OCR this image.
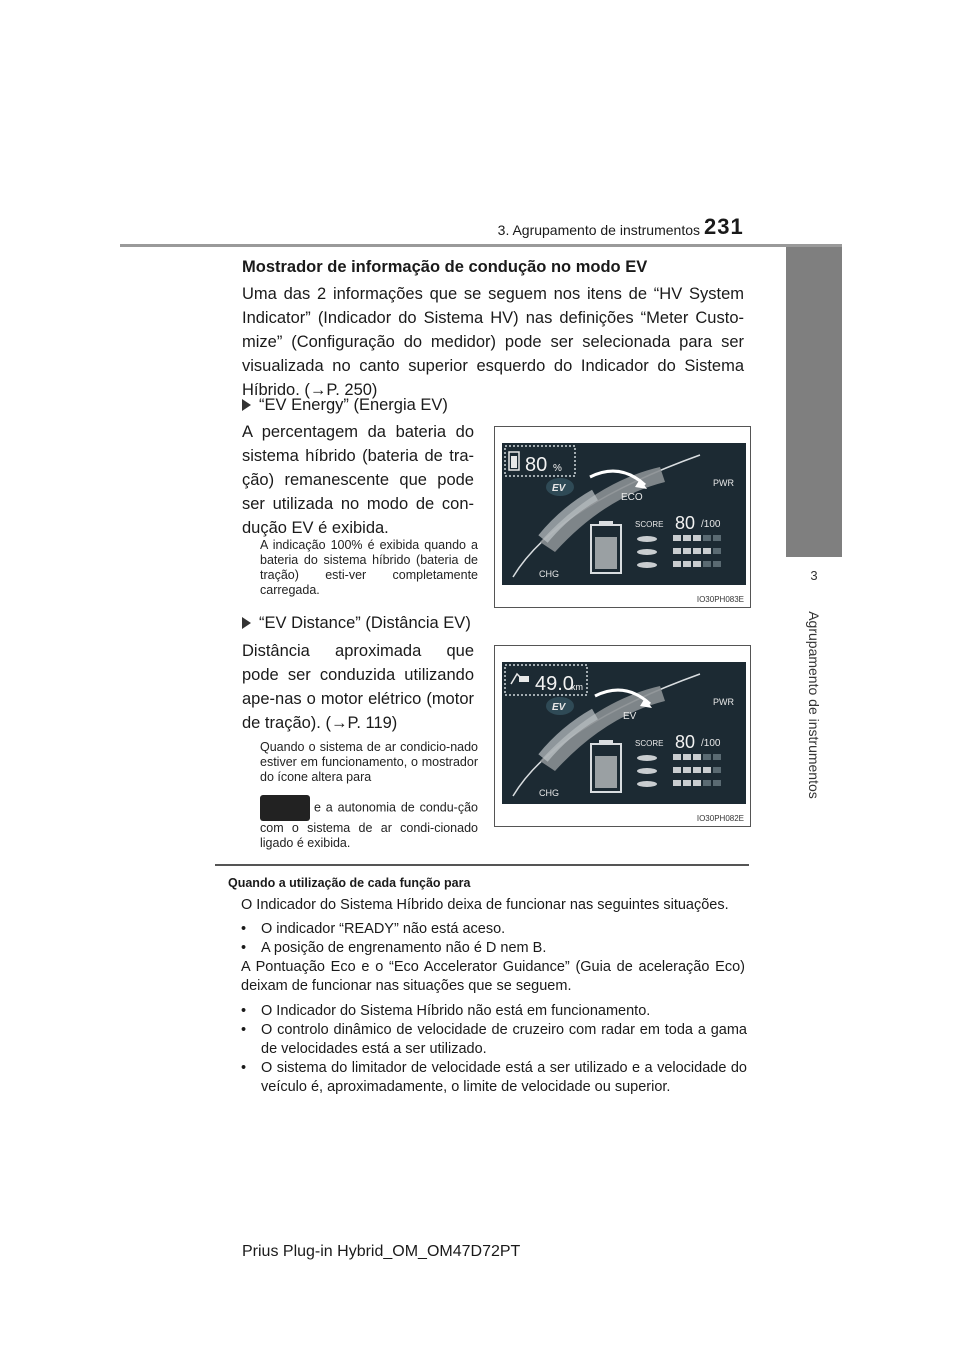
3. Agrupamento de instrumentos 231
3
Agrupamento de instrumentos
Mostrador de informação de condução no modo EV
Uma das 2 informações que se seguem nos itens de “HV System Indicator” (Indicador do Sistema HV) nas definições “Meter Custo-mize” (Configuração do medidor) pode ser selecionada para ser visualizada no canto superior esquerdo do Indicador do Sistema Híbrido. (→P. 250)
“EV Energy” (Energia EV)
A percentagem da bateria do sistema híbrido (bateria de tra-ção) remanescente que pode ser utilizada no modo de con-dução EV é exibida.
A indicação 100% é exibida quando a bateria do sistema híbrido (bateria de tração) esti-ver completamente carregada.
80 %
EV
ECO
PWR
CHG
SCORE 80 /100
IO30PH083E
“EV Distance” (Distância EV)
Distância aproximada que pode ser conduzida utilizando ape-nas o motor elétrico (motor de tração). (→P. 119)
Quando o sistema de ar condicio-nado estiver em funcionamento, o mostrador do ícone altera para
e a autonomia de condu-ção com o sistema de ar condi-cionado ligado é exibida.
49.0
km
EV
EV
PWR
CHG
SCORE 80 /100
IO30PH082E
Quando a utilização de cada função para
O Indicador do Sistema Híbrido deixa de funcionar nas seguintes situações.
•	O indicador “READY” não está aceso.
•	A posição de engrenamento não é D nem B.
A Pontuação Eco e o “Eco Accelerator Guidance” (Guia de aceleração Eco) deixam de funcionar nas situações que se seguem.
•	O Indicador do Sistema Híbrido não está em funcionamento.
•	O controlo dinâmico de velocidade de cruzeiro com radar em toda a gama de velocidades está a ser utilizado.
•	O sistema do limitador de velocidade está a ser utilizado e a velocidade do veículo é, aproximadamente, o limite de velocidade ou superior.
Prius Plug-in Hybrid_OM_OM47D72PT
